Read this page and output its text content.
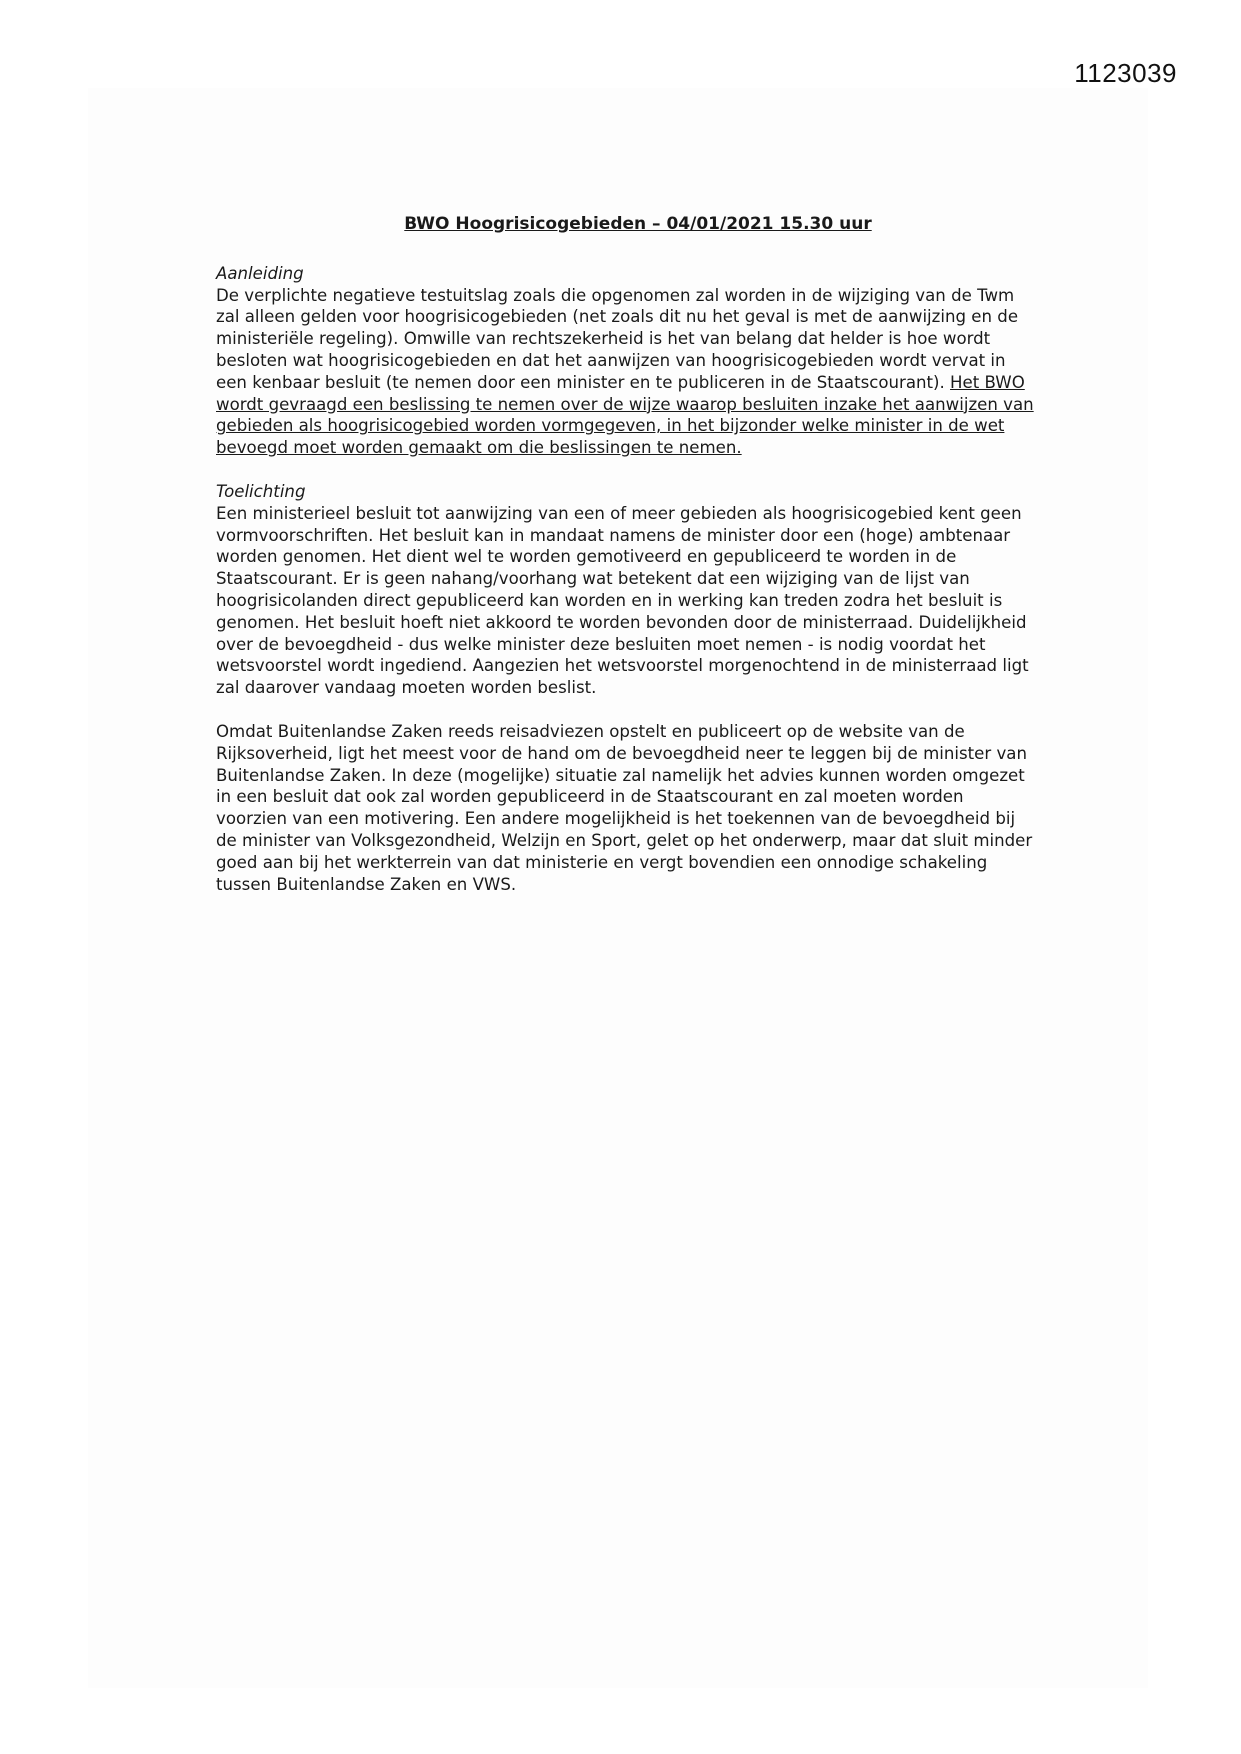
1123039
BWO Hoogrisicogebieden – 04/01/2021 15.30 uur

Aanleiding

De verplichte negatieve testuitslag zoals die opgenomen zal worden in de wijziging van de Twm zal alleen gelden voor hoogrisicogebieden (net zoals dit nu het geval is met de aanwijzing en de ministeriële regeling). Omwille van rechtszekerheid is het van belang dat helder is hoe wordt besloten wat hoogrisicogebieden en dat het aanwijzen van hoogrisicogebieden wordt vervat in een kenbaar besluit (te nemen door een minister en te publiceren in de Staatscourant). Het BWO wordt gevraagd een beslissing te nemen over de wijze waarop besluiten inzake het aanwijzen van gebieden als hoogrisicogebied worden vormgegeven, in het bijzonder welke minister in de wet bevoegd moet worden gemaakt om die beslissingen te nemen.

Toelichting

Een ministerieel besluit tot aanwijzing van een of meer gebieden als hoogrisicogebied kent geen vormvoorschriften. Het besluit kan in mandaat namens de minister door een (hoge) ambtenaar worden genomen. Het dient wel te worden gemotiveerd en gepubliceerd te worden in de Staatscourant. Er is geen nahang/voorhang wat betekent dat een wijziging van de lijst van hoogrisicolanden direct gepubliceerd kan worden en in werking kan treden zodra het besluit is genomen. Het besluit hoeft niet akkoord te worden bevonden door de ministerraad. Duidelijkheid over de bevoegdheid - dus welke minister deze besluiten moet nemen - is nodig voordat het wetsvoorstel wordt ingediend. Aangezien het wetsvoorstel morgenochtend in de ministerraad ligt zal daarover vandaag moeten worden beslist.

Omdat Buitenlandse Zaken reeds reisadviezen opstelt en publiceert op de website van de Rijksoverheid, ligt het meest voor de hand om de bevoegdheid neer te leggen bij de minister van Buitenlandse Zaken. In deze (mogelijke) situatie zal namelijk het advies kunnen worden omgezet in een besluit dat ook zal worden gepubliceerd in de Staatscourant en zal moeten worden voorzien van een motivering. Een andere mogelijkheid is het toekennen van de bevoegdheid bij de minister van Volksgezondheid, Welzijn en Sport, gelet op het onderwerp, maar dat sluit minder goed aan bij het werkterrein van dat ministerie en vergt bovendien een onnodige schakeling tussen Buitenlandse Zaken en VWS.
